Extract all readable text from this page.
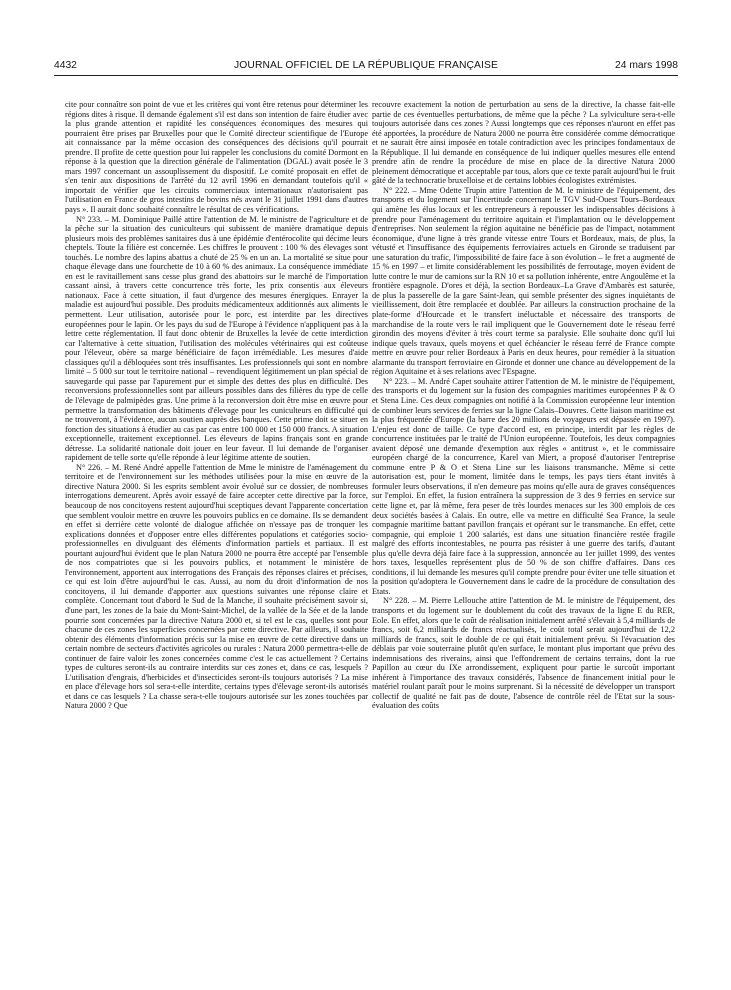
4432	JOURNAL OFFICIEL DE LA RÉPUBLIQUE FRANÇAISE	24 mars 1998

cite pour connaître son point de vue et les critères qui vont être retenus pour déterminer les régions dites à risque. Il demande également s'il est dans son intention de faire étudier avec la plus grande attention et rapidité les conséquences économiques des mesures qui pourraient être prises par Bruxelles pour que le Comité directeur scientifique de l'Europe ait connaissance par la même occasion des conséquences des décisions qu'il pourrait prendre. Il profite de cette question pour lui rappeler les conclusions du comité Dormont en réponse à la question que la direction générale de l'alimentation (DGAL) avait posée le 3 mars 1997 concernant un assouplissement du dispositif. Le comité proposait en effet de s'en tenir aux dispositions de l'arrêté du 12 avril 1996 en demandant toutefois qu'il « importait de vérifier que les circuits commerciaux internationaux n'autorisaient pas l'utilisation en France de gros intestins de bovins nés avant le 31 juillet 1991 dans d'autres pays ». Il aurait donc souhaité connaître le résultat de ces vérifications.

N° 233. – M. Dominique Paillé attire l'attention de M. le ministre de l'agriculture et de la pêche sur la situation des cuniculteurs qui subissent de manière dramatique depuis plusieurs mois des problèmes sanitaires dus à une épidémie d'entérocolite qui décime leurs cheptels. Toute la filière est concernée. Les chiffres le prouvent : 100 % des élevages sont touchés. Le nombre des lapins abattus a chuté de 25 % en un an. La mortalité se situe pour chaque élevage dans une fourchette de 10 à 60 % des animaux. La conséquence immédiate en est le ravitaillement sans cesse plus grand des abattoirs sur le marché de l'importation cassant ainsi, à travers cette concurrence très forte, les prix consentis aux éleveurs nationaux. Face à cette situation, il faut d'urgence des mesures énergiques. Enrayer la maladie est aujourd'hui possible. Des produits médicamenteux additionnés aux aliments le permettent. Leur utilisation, autorisée pour le porc, est interdite par les directives européennes pour le lapin. Or les pays du sud de l'Europe à l'évidence n'appliquent pas à la lettre cette réglementation. Il faut donc obtenir de Bruxelles la levée de cette interdiction car l'alternative à cette situation, l'utilisation des molécules vétérinaires qui est coûteuse pour l'éleveur, obère sa marge bénéficiaire de façon irrémédiable. Les mesures d'aide classiques qu'il a débloquées sont très insuffisantes. Les professionnels qui sont en nombre limité – 5 000 sur tout le territoire national – revendiquent légitimement un plan spécial de sauvegarde qui passe par l'apurement pur et simple des dettes des plus en difficulté. Des reconversions professionnelles sont par ailleurs possibles dans des filières du type de celle de l'élevage de palmipèdes gras. Une prime à la reconversion doit être mise en œuvre pour permettre la transformation des bâtiments d'élevage pour les cuniculteurs en difficulté qui ne trouveront, à l'évidence, aucun soutien auprès des banques. Cette prime doit se situer en fonction des situations à étudier au cas par cas entre 100 000 et 150 000 francs. A situation exceptionnelle, traitement exceptionnel. Les éleveurs de lapins français sont en grande détresse. La solidarité nationale doit jouer en leur faveur. Il lui demande de l'organiser rapidement de telle sorte qu'elle réponde à leur légitime attente de soutien.

N° 226. – M. René André appelle l'attention de Mme le ministre de l'aménagement du territoire et de l'environnement sur les méthodes utilisées pour la mise en œuvre de la directive Natura 2000. Si les esprits semblent avoir évolué sur ce dossier, de nombreuses interrogations demeurent. Après avoir essayé de faire accepter cette directive par la force, beaucoup de nos concitoyens restent aujourd'hui sceptiques devant l'apparente concertation que semblent vouloir mettre en œuvre les pouvoirs publics en ce domaine. Ils se demandent en effet si derrière cette volonté de dialogue affichée on n'essaye pas de tronquer les explications données et d'opposer entre elles différentes populations et catégories socio-professionnelles en divulguant des éléments d'information partiels et partiaux. Il est pourtant aujourd'hui évident que le plan Natura 2000 ne pourra être accepté par l'ensemble de nos compatriotes que si les pouvoirs publics, et notamment le ministère de l'environnement, apportent aux interrogations des Français des réponses claires et précises, ce qui est loin d'être aujourd'hui le cas. Aussi, au nom du droit d'information de nos concitoyens, il lui demande d'apporter aux questions suivantes une réponse claire et complète. Concernant tout d'abord le Sud de la Manche, il souhaite précisément savoir si, d'une part, les zones de la baie du Mont-Saint-Michel, de la vallée de la Sée et de la lande pourrie sont concernées par la directive Natura 2000 et, si tel est le cas, quelles sont pour chacune de ces zones les superficies concernées par cette directive. Par ailleurs, il souhaite obtenir des éléments d'information précis sur la mise en œuvre de cette directive dans un certain nombre de secteurs d'activités agricoles ou rurales : Natura 2000 permettra-t-elle de continuer de faire valoir les zones concernées comme c'est le cas actuellement ? Certains types de cultures seront-ils au contraire interdits sur ces zones et, dans ce cas, lesquels ? L'utilisation d'engrais, d'herbicides et d'insecticides seront-ils toujours autorisés ? La mise en place d'élevage hors sol sera-t-elle interdite, certains types d'élevage seront-ils autorisés et dans ce cas lesquels ? La chasse sera-t-elle toujours autorisée sur les zones touchées par Natura 2000 ? Que

recouvre exactement la notion de perturbation au sens de la directive, la chasse fait-elle partie de ces éventuelles perturbations, de même que la pêche ? La sylviculture sera-t-elle toujours autorisée dans ces zones ? Aussi longtemps que ces réponses n'auront en effet pas été apportées, la procédure de Natura 2000 ne pourra être considérée comme démocratique et ne saurait être ainsi imposée en totale contradiction avec les principes fondamentaux de la République. Il lui demande en conséquence de lui indiquer quelles mesures elle entend prendre afin de rendre la procédure de mise en place de la directive Natura 2000 pleinement démocratique et acceptable par tous, alors que ce texte paraît aujourd'hui le fruit gâté de la technocratie bruxelloise et de certains lobbies écologistes extrémistes.

N° 222. – Mme Odette Trupin attire l'attention de M. le ministre de l'équipement, des transports et du logement sur l'incertitude concernant le TGV Sud-Ouest Tours–Bordeaux qui amène les élus locaux et les entrepreneurs à repousser les indispensables décisions à prendre pour l'aménagement du territoire aquitain et l'implantation ou le développement d'entreprises. Non seulement la région aquitaine ne bénéficie pas de l'impact, notamment économique, d'une ligne à très grande vitesse entre Tours et Bordeaux, mais, de plus, la vétusté et l'insuffisance des équipements ferroviaires actuels en Gironde se traduisent par une saturation du trafic, l'impossibilité de faire face à son évolution – le fret a augmenté de 15 % en 1997 – et limite considérablement les possibilités de ferroutage, moyen évident de lutte contre le mur de camions sur la RN 10 et sa pollution inhérente, entre Angoulême et la frontière espagnole. D'ores et déjà, la section Bordeaux–La Grave d'Ambarès est saturée, de plus la passerelle de la gare Saint-Jean, qui semble présenter des signes inquiétants de vieillissement, doit être remplacée et doublée. Par ailleurs la construction prochaine de la plate-forme d'Hourcade et le transfert inéluctable et nécessaire des transports de marchandise de la route vers le rail impliquent que le Gouvernement dote le réseau ferré girondin des moyens d'éviter à très court terme sa paralysie. Elle souhaite donc qu'il lui indique quels travaux, quels moyens et quel échéancier le réseau ferré de France compte mettre en œuvre pour relier Bordeaux à Paris en deux heures, pour remédier à la situation alarmante du transport ferroviaire en Gironde et donner une chance au développement de la région Aquitaine et à ses relations avec l'Espagne.

N° 223. – M. André Capet souhaite attirer l'attention de M. le ministre de l'équipement, des transports et du logement sur la fusion des compagnies maritimes européennes P & O et Stena Line. Ces deux compagnies ont notifié à la Commission européenne leur intention de combiner leurs services de ferries sur la ligne Calais–Douvres. Cette liaison maritime est la plus fréquentée d'Europe (la barre des 20 millions de voyageurs est dépassée en 1997). L'enjeu est donc de taille. Ce type d'accord est, en principe, interdit par les règles de concurrence instituées par le traité de l'Union européenne. Toutefois, les deux compagnies avaient déposé une demande d'exemption aux règles « antitrust », et le commissaire européen chargé de la concurrence, Karel van Miert, a proposé d'autoriser l'entreprise commune entre P & O et Stena Line sur les liaisons transmanche. Même si cette autorisation est, pour le moment, limitée dans le temps, les pays tiers étant invités à formuler leurs observations, il n'en demeure pas moins qu'elle aura de graves conséquences sur l'emploi. En effet, la fusion entraînera la suppression de 3 des 9 ferries en service sur cette ligne et, par là même, fera peser de très lourdes menaces sur les 300 emplois de ces deux sociétés basées à Calais. En outre, elle va mettre en difficulté Sea France, la seule compagnie maritime battant pavillon français et opérant sur le transmanche. En effet, cette compagnie, qui emploie 1 200 salariés, est dans une situation financière restée fragile malgré des efforts incontestables, ne pourra pas résister à une guerre des tarifs, d'autant plus qu'elle devra déjà faire face à la suppression, annoncée au 1er juillet 1999, des ventes hors taxes, lesquelles représentent plus de 50 % de son chiffre d'affaires. Dans ces conditions, il lui demande les mesures qu'il compte prendre pour éviter une telle situation et la position qu'adoptera le Gouvernement dans le cadre de la procédure de consultation des Etats.

N° 228. – M. Pierre Lellouche attire l'attention de M. le ministre de l'équipement, des transports et du logement sur le doublement du coût des travaux de la ligne E du RER, Eole. En effet, alors que le coût de réalisation initialement arrêté s'élevait à 5,4 milliards de francs, soit 6,2 milliards de francs réactualisés, le coût total serait aujourd'hui de 12,2 milliards de francs, soit le double de ce qui était initialement prévu. Si l'évacuation des déblais par voie souterraine plutôt qu'en surface, le montant plus important que prévu des indemnisations des riverains, ainsi que l'effondrement de certains terrains, dont la rue Papillon au cœur du IXe arrondissement, expliquent pour partie le surcoût important inhérent à l'importance des travaux considérés, l'absence de financement initial pour le matériel roulant paraît pour le moins surprenant. Si la nécessité de développer un transport collectif de qualité ne fait pas de doute, l'absence de contrôle réel de l'Etat sur la sous-évaluation des coûts
